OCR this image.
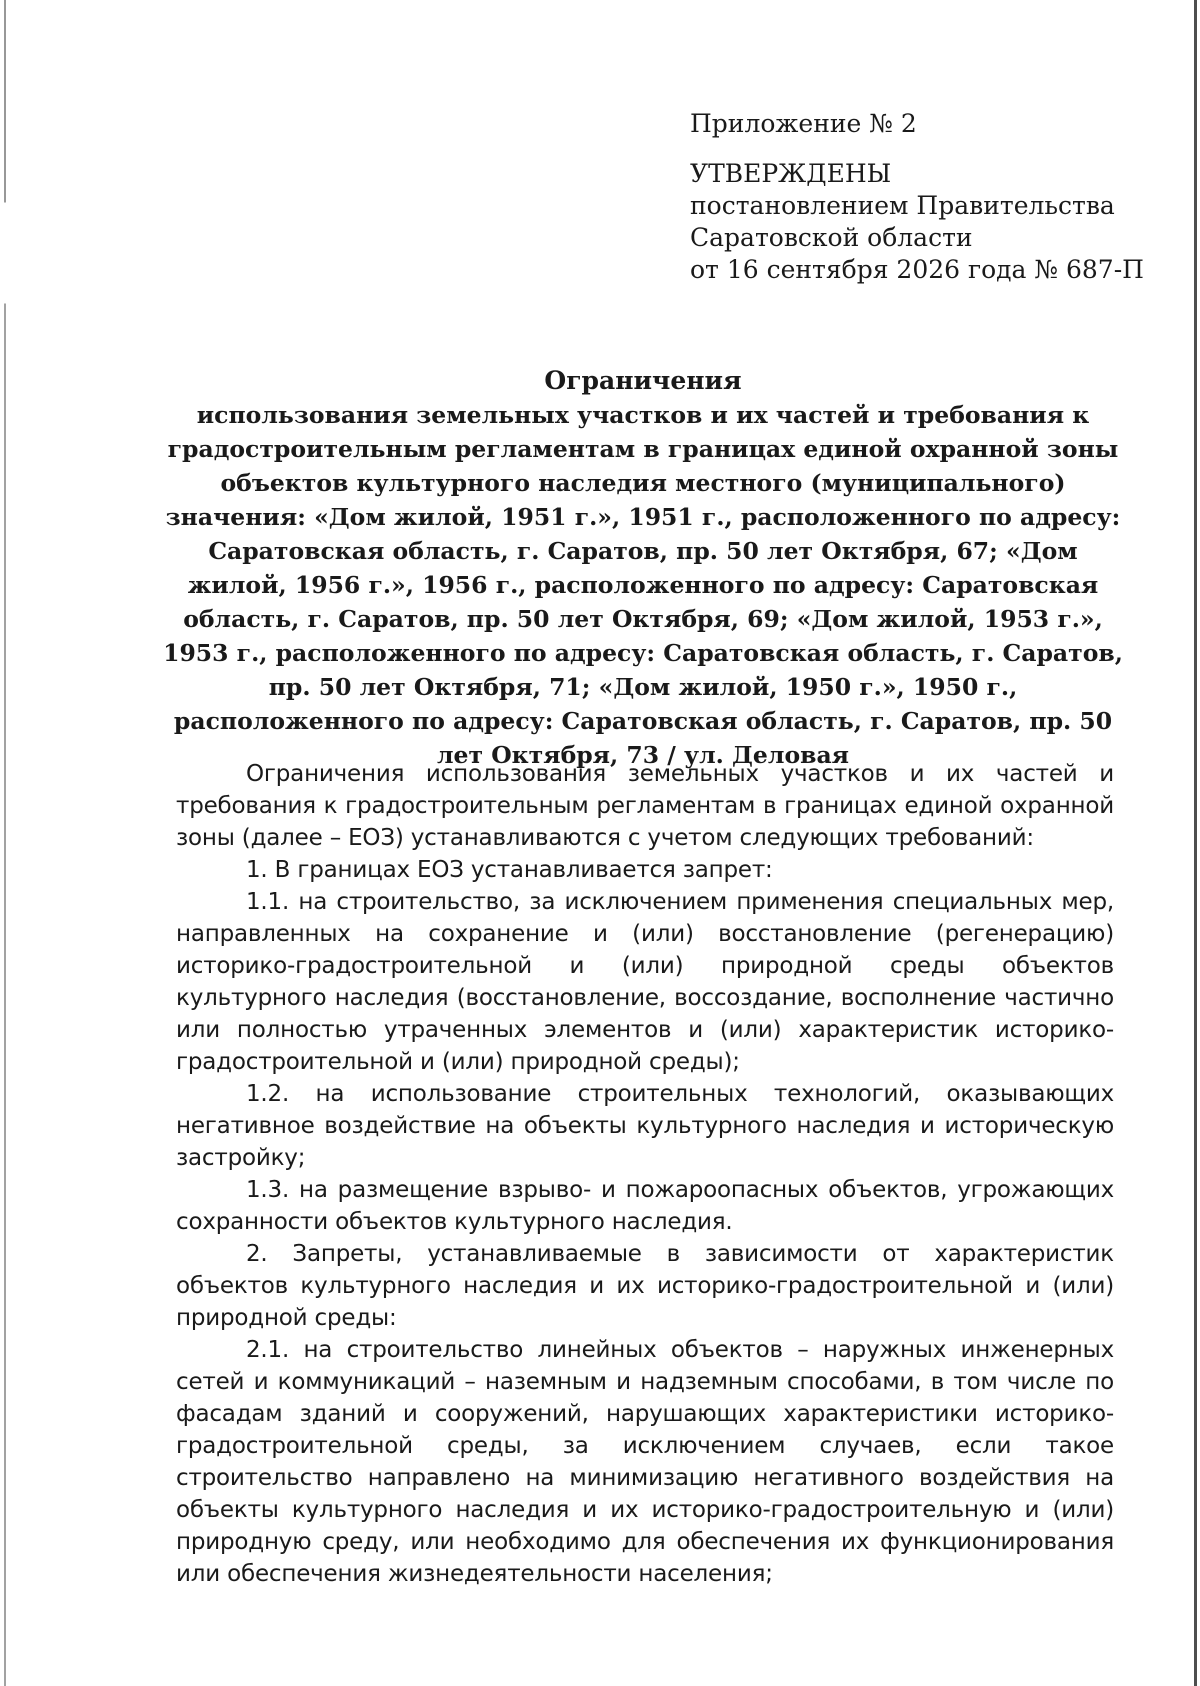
Приложение № 2
УТВЕРЖДЕНЫ
постановлением Правительства
Саратовской области
от 16 сентября 2026 года № 687-П
Ограничения
использования земельных участков и их частей и требования к градостроительным регламентам в границах единой охранной зоны объектов культурного наследия местного (муниципального) значения: «Дом жилой, 1951 г.», 1951 г., расположенного по адресу: Саратовская область, г. Саратов, пр. 50 лет Октября, 67; «Дом жилой, 1956 г.», 1956 г., расположенного по адресу: Саратовская область, г. Саратов, пр. 50 лет Октября, 69; «Дом жилой, 1953 г.», 1953 г., расположенного по адресу: Саратовская область, г. Саратов, пр. 50 лет Октября, 71; «Дом жилой, 1950 г.», 1950 г., расположенного по адресу: Саратовская область, г. Саратов, пр. 50 лет Октября, 73 / ул. Деловая

Ограничения использования земельных участков и их частей и требования к градостроительным регламентам в границах единой охранной зоны (далее – ЕОЗ) устанавливаются с учетом следующих требований:

1. В границах ЕОЗ устанавливается запрет:

1.1. на строительство, за исключением применения специальных мер, направленных на сохранение и (или) восстановление (регенерацию) историко-градостроительной и (или) природной среды объектов культурного наследия (восстановление, воссоздание, восполнение частично или полностью утраченных элементов и (или) характеристик историко-градостроительной и (или) природной среды);

1.2. на использование строительных технологий, оказывающих негативное воздействие на объекты культурного наследия и историческую застройку;

1.3. на размещение взрыво- и пожароопасных объектов, угрожающих сохранности объектов культурного наследия.

2. Запреты, устанавливаемые в зависимости от характеристик объектов культурного наследия и их историко-градостроительной и (или) природной среды:

2.1. на строительство линейных объектов – наружных инженерных сетей и коммуникаций – наземным и надземным способами, в том числе по фасадам зданий и сооружений, нарушающих характеристики историко-градостроительной среды, за исключением случаев, если такое строительство направлено на минимизацию негативного воздействия на объекты культурного наследия и их историко-градостроительную и (или) природную среду, или необходимо для обеспечения их функционирования или обеспечения жизнедеятельности населения;
